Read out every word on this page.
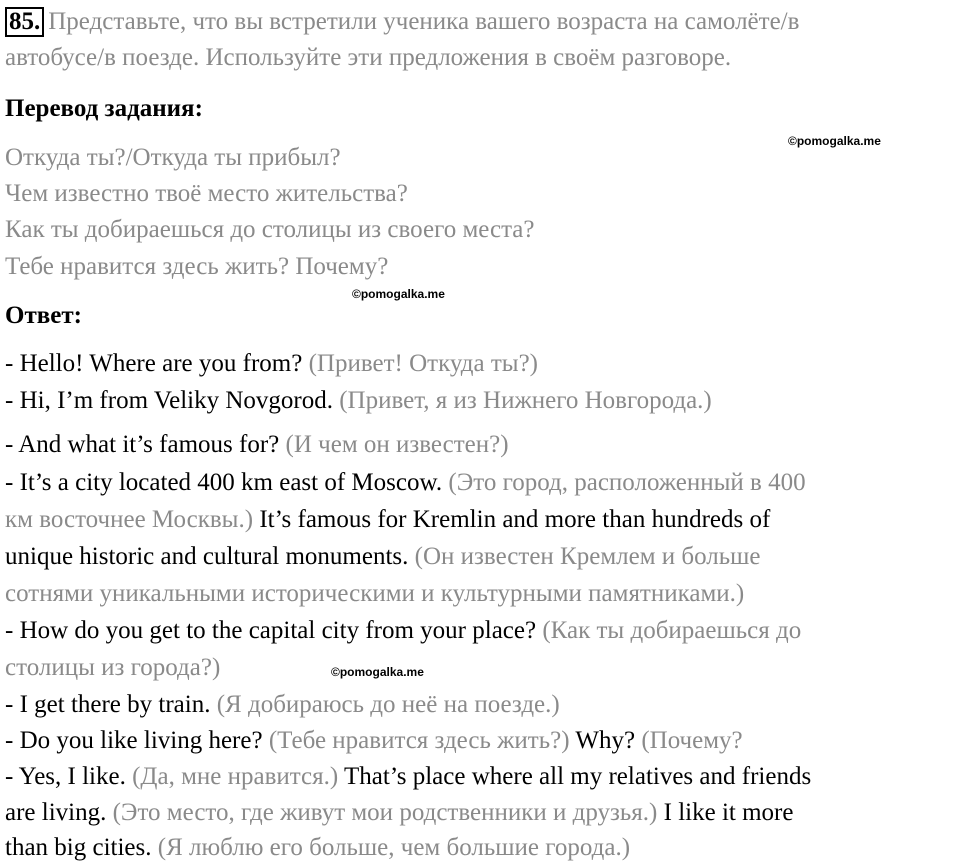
85. Представьте, что вы встретили ученика вашего возраста на самолёте/в
автобусе/в поезде. Используйте эти предложения в своём разговоре.
Перевод задания:
©pomogalka.me
Откуда ты?/Откуда ты прибыл?
Чем известно твоё место жительства?
Как ты добираешься до столицы из своего места?
Тебе нравится здесь жить? Почему?
©pomogalka.me
Ответ:
- Hello! Where are you from? (Привет! Откуда ты?)
- Hi, I’m from Veliky Novgorod. (Привет, я из Нижнего Новгорода.)
- And what it’s famous for? (И чем он известен?)
- It’s a city located 400 km east of Moscow. (Это город, расположенный в 400
км восточнее Москвы.) It’s famous for Kremlin and more than hundreds of
unique historic and cultural monuments. (Он известен Кремлем и больше
сотнями уникальными историческими и культурными памятниками.)
- How do you get to the capital city from your place? (Как ты добираешься до
столицы из города?)	©pomogalka.me
- I get there by train. (Я добираюсь до неё на поезде.)
- Do you like living here? (Тебе нравится здесь жить?) Why? (Почему?
- Yes, I like. (Да, мне нравится.) That’s place where all my relatives and friends
are living. (Это место, где живут мои родственники и друзья.) I like it more
than big cities. (Я люблю его больше, чем большие города.)
